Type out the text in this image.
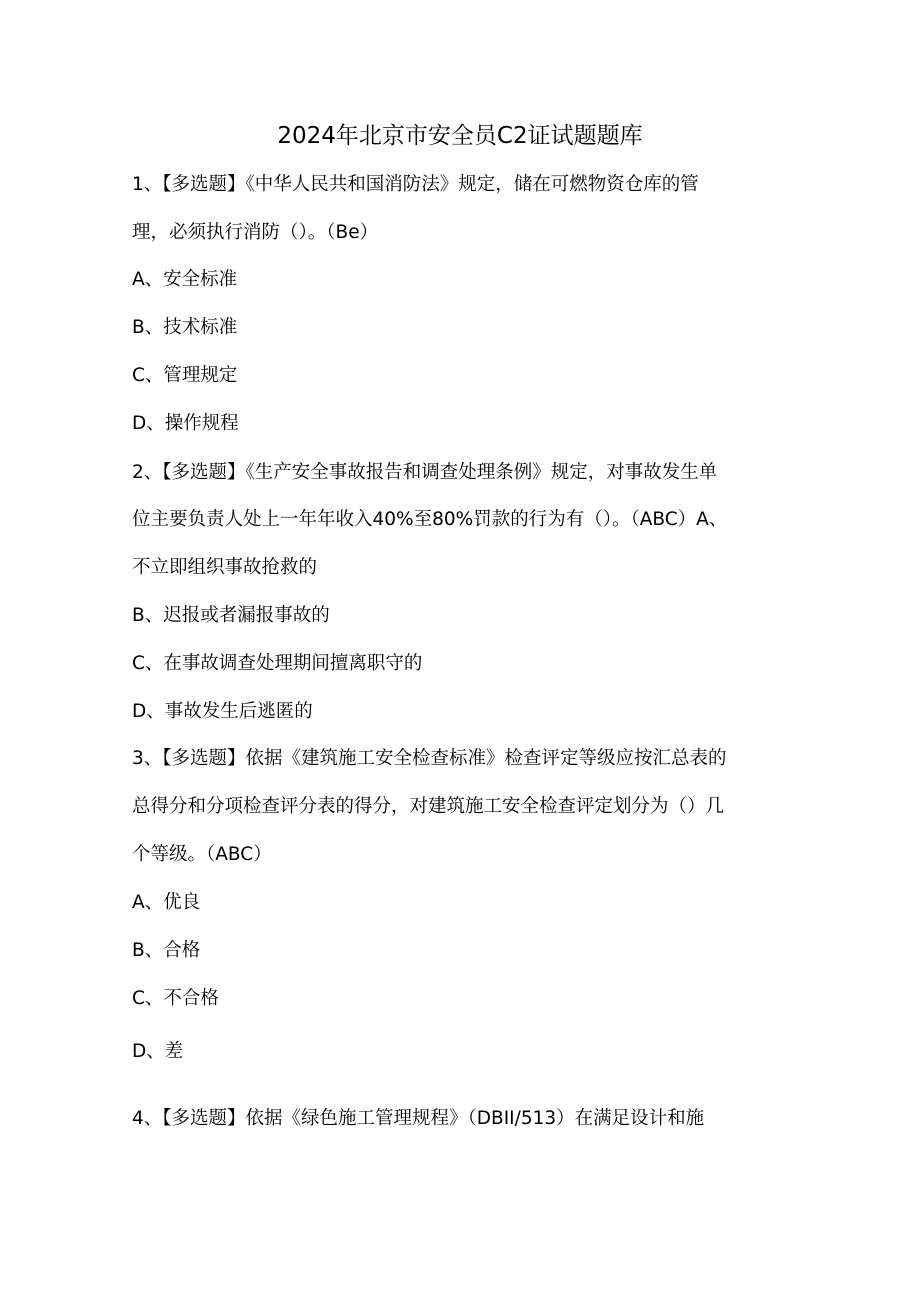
2024年北京市安全员C2证试题题库
1、【多选题】《中华人民共和国消防法》规定，储在可燃物资仓库的管
理，必须执行消防（）。（Be）
A、安全标准
B、技术标准
C、管理规定
D、操作规程
2、【多选题】《生产安全事故报告和调查处理条例》规定，对事故发生单
位主要负责人处上一年年收入40%至80%罚款的行为有（）。（ABC）A、
不立即组织事故抢救的
B、迟报或者漏报事故的
C、在事故调查处理期间擅离职守的
D、事故发生后逃匿的
3、【多选题】依据《建筑施工安全检查标准》检查评定等级应按汇总表的
总得分和分项检查评分表的得分，对建筑施工安全检查评定划分为（）几
个等级。（ABC）
A、优良
B、合格
C、不合格
D、差
4、【多选题】依据《绿色施工管理规程》（DBII/513）在满足设计和施
